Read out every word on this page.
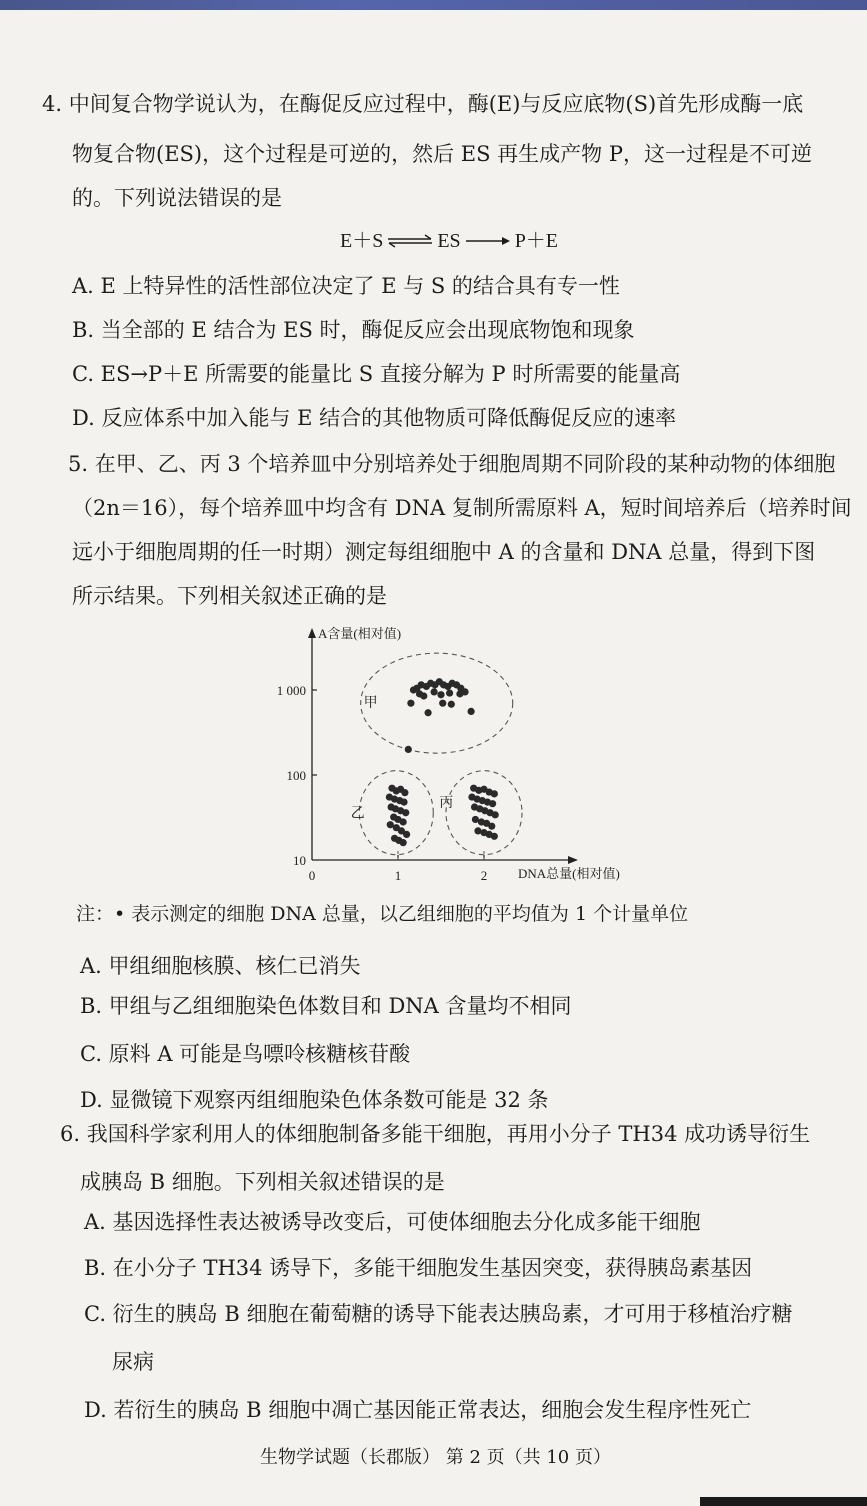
4. 中间复合物学说认为，在酶促反应过程中，酶(E)与反应底物(S)首先形成酶一底
物复合物(ES)，这个过程是可逆的，然后 ES 再生成产物 P，这一过程是不可逆
的。下列说法错误的是
E＋S ⇌ ES	P＋E
A. E 上特异性的活性部位决定了 E 与 S 的结合具有专一性
B. 当全部的 E 结合为 ES 时，酶促反应会出现底物饱和现象
C. ES→P＋E 所需要的能量比 S 直接分解为 P 时所需要的能量高
D. 反应体系中加入能与 E 结合的其他物质可降低酶促反应的速率
5. 在甲、乙、丙 3 个培养皿中分别培养处于细胞周期不同阶段的某种动物的体细胞
（2n＝16），每个培养皿中均含有 DNA 复制所需原料 A，短时间培养后（培养时间
远小于细胞周期的任一时期）测定每组细胞中 A 的含量和 DNA 总量，得到下图
所示结果。下列相关叙述正确的是
A含量(相对值)
DNA总量(相对值)
10
100
1 000
0	1	2
甲
乙
丙
注：• 表示测定的细胞 DNA 总量，以乙组细胞的平均值为 1 个计量单位
A. 甲组细胞核膜、核仁已消失
B. 甲组与乙组细胞染色体数目和 DNA 含量均不相同
C. 原料 A 可能是鸟嘌呤核糖核苷酸
D. 显微镜下观察丙组细胞染色体条数可能是 32 条
6. 我国科学家利用人的体细胞制备多能干细胞，再用小分子 TH34 成功诱导衍生
成胰岛 B 细胞。下列相关叙述错误的是
A. 基因选择性表达被诱导改变后，可使体细胞去分化成多能干细胞
B. 在小分子 TH34 诱导下，多能干细胞发生基因突变，获得胰岛素基因
C. 衍生的胰岛 B 细胞在葡萄糖的诱导下能表达胰岛素，才可用于移植治疗糖
尿病
D. 若衍生的胰岛 B 细胞中凋亡基因能正常表达，细胞会发生程序性死亡
生物学试题（长郡版） 第 2 页（共 10 页）
